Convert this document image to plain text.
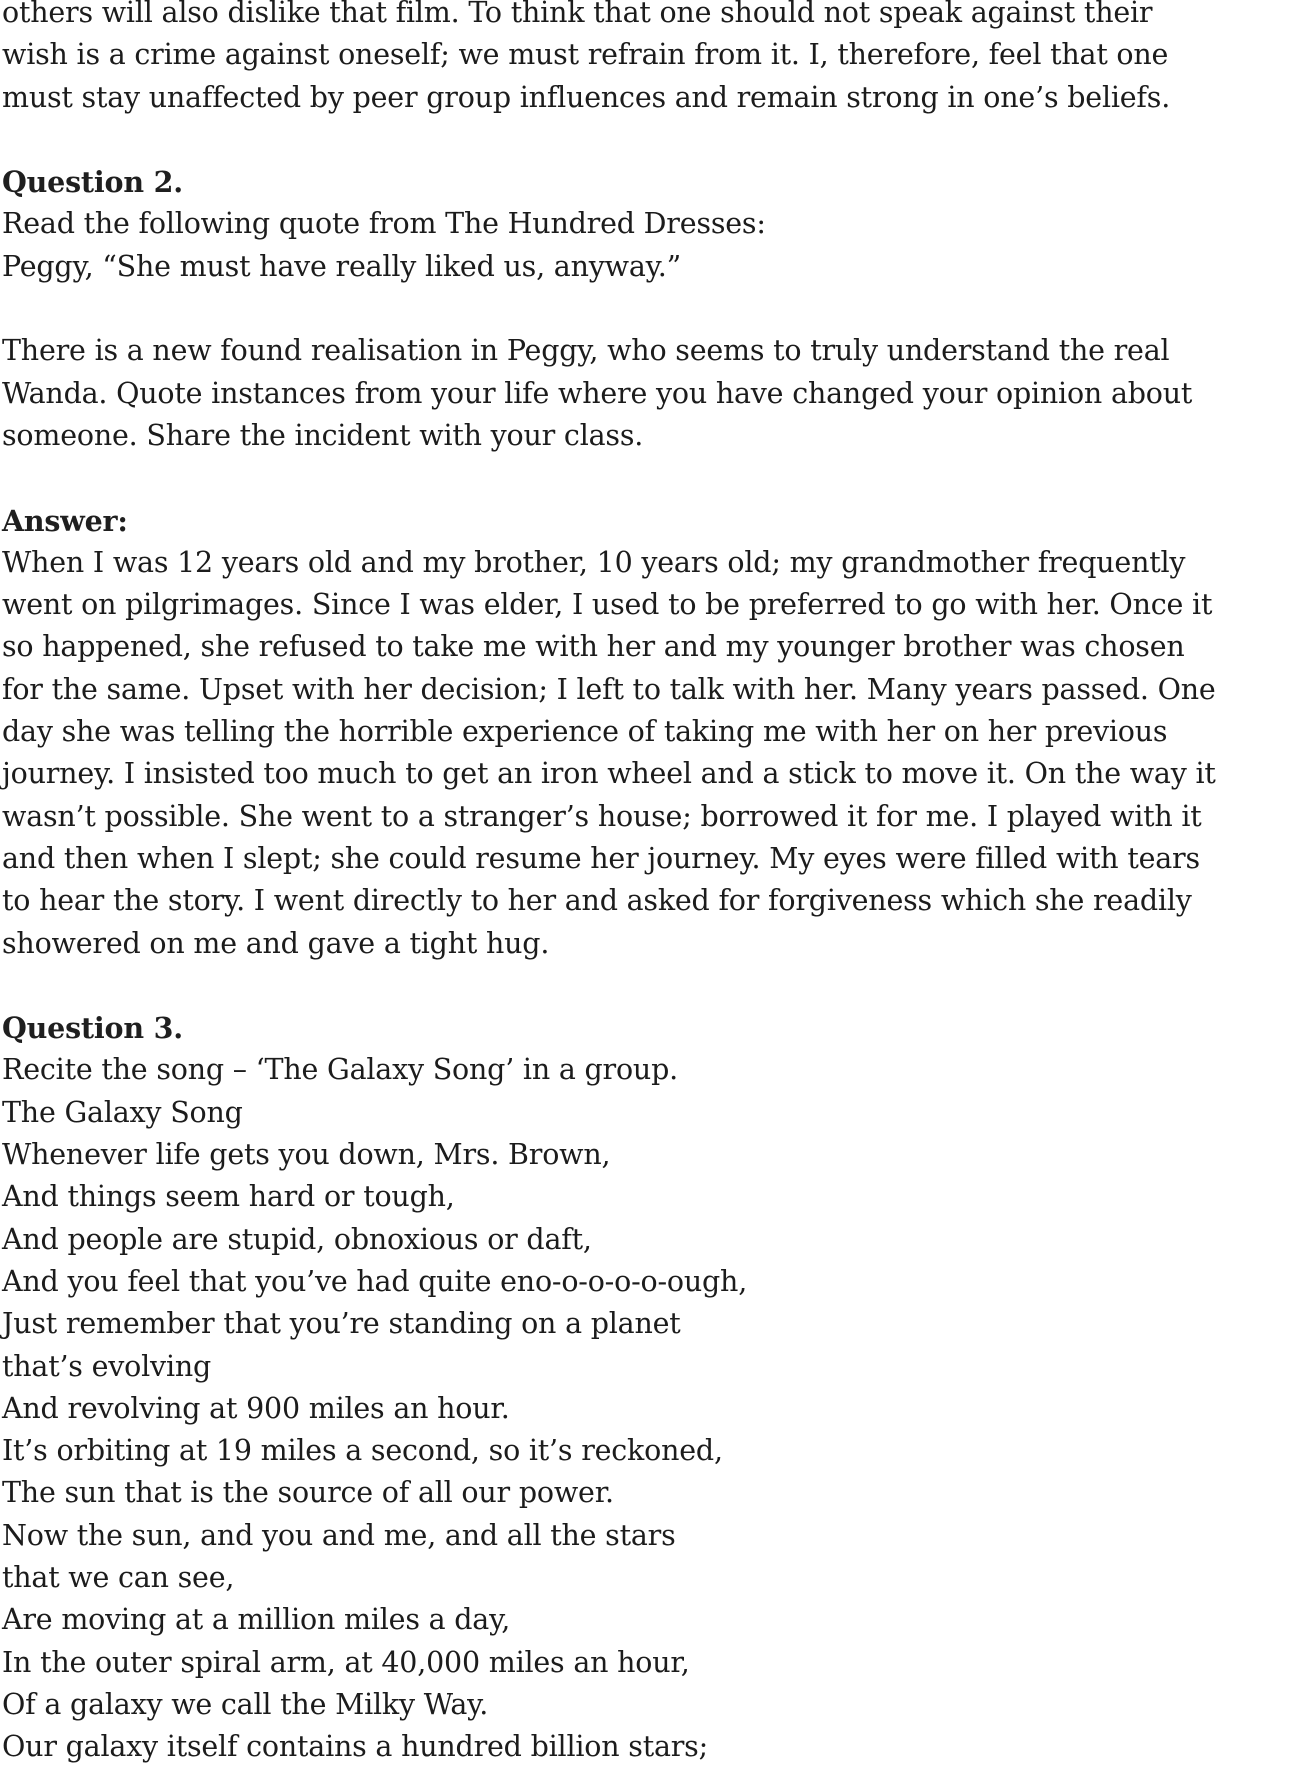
others will also dislike that film. To think that one should not speak against their
wish is a crime against oneself; we must refrain from it. I, therefore, feel that one
must stay unaffected by peer group influences and remain strong in one’s beliefs.
Question 2.
Read the following quote from The Hundred Dresses:
Peggy, “She must have really liked us, anyway.”
There is a new found realisation in Peggy, who seems to truly understand the real
Wanda. Quote instances from your life where you have changed your opinion about
someone. Share the incident with your class.
Answer:
When I was 12 years old and my brother, 10 years old; my grandmother frequently
went on pilgrimages. Since I was elder, I used to be preferred to go with her. Once it
so happened, she refused to take me with her and my younger brother was chosen
for the same. Upset with her decision; I left to talk with her. Many years passed. One
day she was telling the horrible experience of taking me with her on her previous
journey. I insisted too much to get an iron wheel and a stick to move it. On the way it
wasn’t possible. She went to a stranger’s house; borrowed it for me. I played with it
and then when I slept; she could resume her journey. My eyes were filled with tears
to hear the story. I went directly to her and asked for forgiveness which she readily
showered on me and gave a tight hug.
Question 3.
Recite the song – ‘The Galaxy Song’ in a group.
The Galaxy Song
Whenever life gets you down, Mrs. Brown,
And things seem hard or tough,
And people are stupid, obnoxious or daft,
And you feel that you’ve had quite eno-o-o-o-o-ough,
Just remember that you’re standing on a planet
that’s evolving
And revolving at 900 miles an hour.
It’s orbiting at 19 miles a second, so it’s reckoned,
The sun that is the source of all our power.
Now the sun, and you and me, and all the stars
that we can see,
Are moving at a million miles a day,
In the outer spiral arm, at 40,000 miles an hour,
Of a galaxy we call the Milky Way.
Our galaxy itself contains a hundred billion stars;
